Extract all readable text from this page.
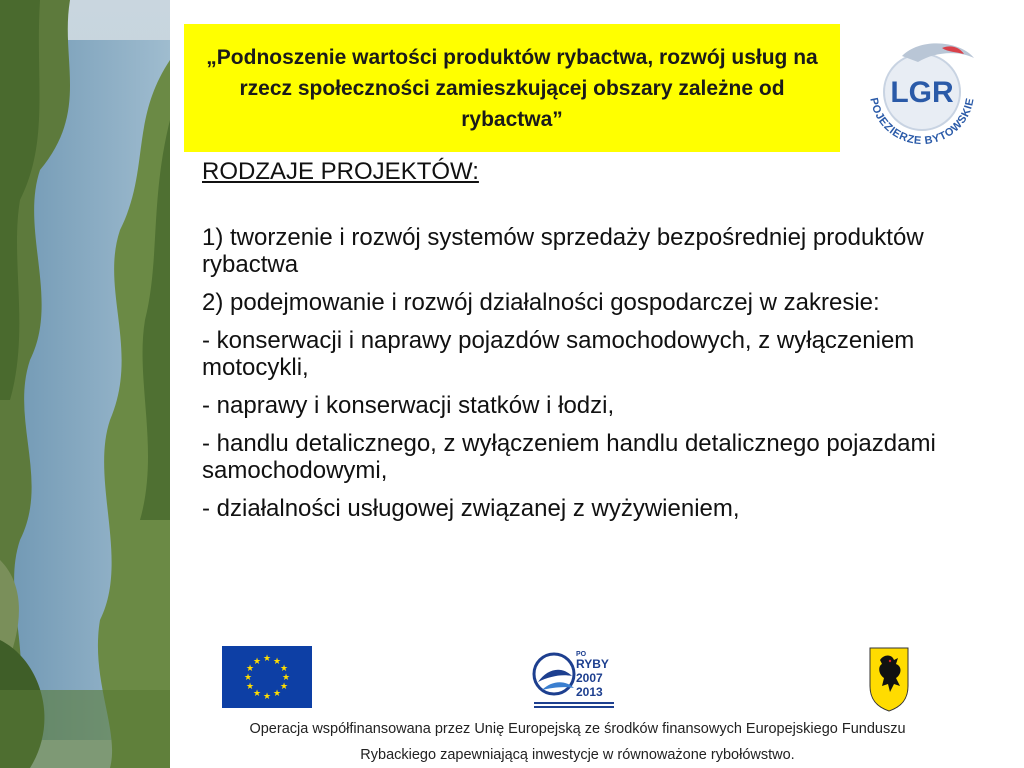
„Podnoszenie wartości produktów rybactwa, rozwój usług na rzecz społeczności zamieszkującej obszary zależne od rybactwa”
LGR
POJEZIERZE BYTOWSKIE
RODZAJE PROJEKTÓW:
1) tworzenie i rozwój systemów sprzedaży bezpośredniej produktów rybactwa
2) podejmowanie i rozwój działalności gospodarczej w zakresie:
- konserwacji i naprawy pojazdów samochodowych, z wyłączeniem motocykli,
- naprawy i konserwacji statków i łodzi,
- handlu detalicznego, z wyłączeniem handlu detalicznego pojazdami samochodowymi,
- działalności usługowej związanej z wyżywieniem,
★ ★
★
★
★
★
★
★
★
★
★
★
PO
RYBY
2007
2013
Operacja współfinansowana przez Unię Europejską ze środków finansowych Europejskiego Funduszu
Rybackiego zapewniającą inwestycje w równoważone rybołówstwo.
